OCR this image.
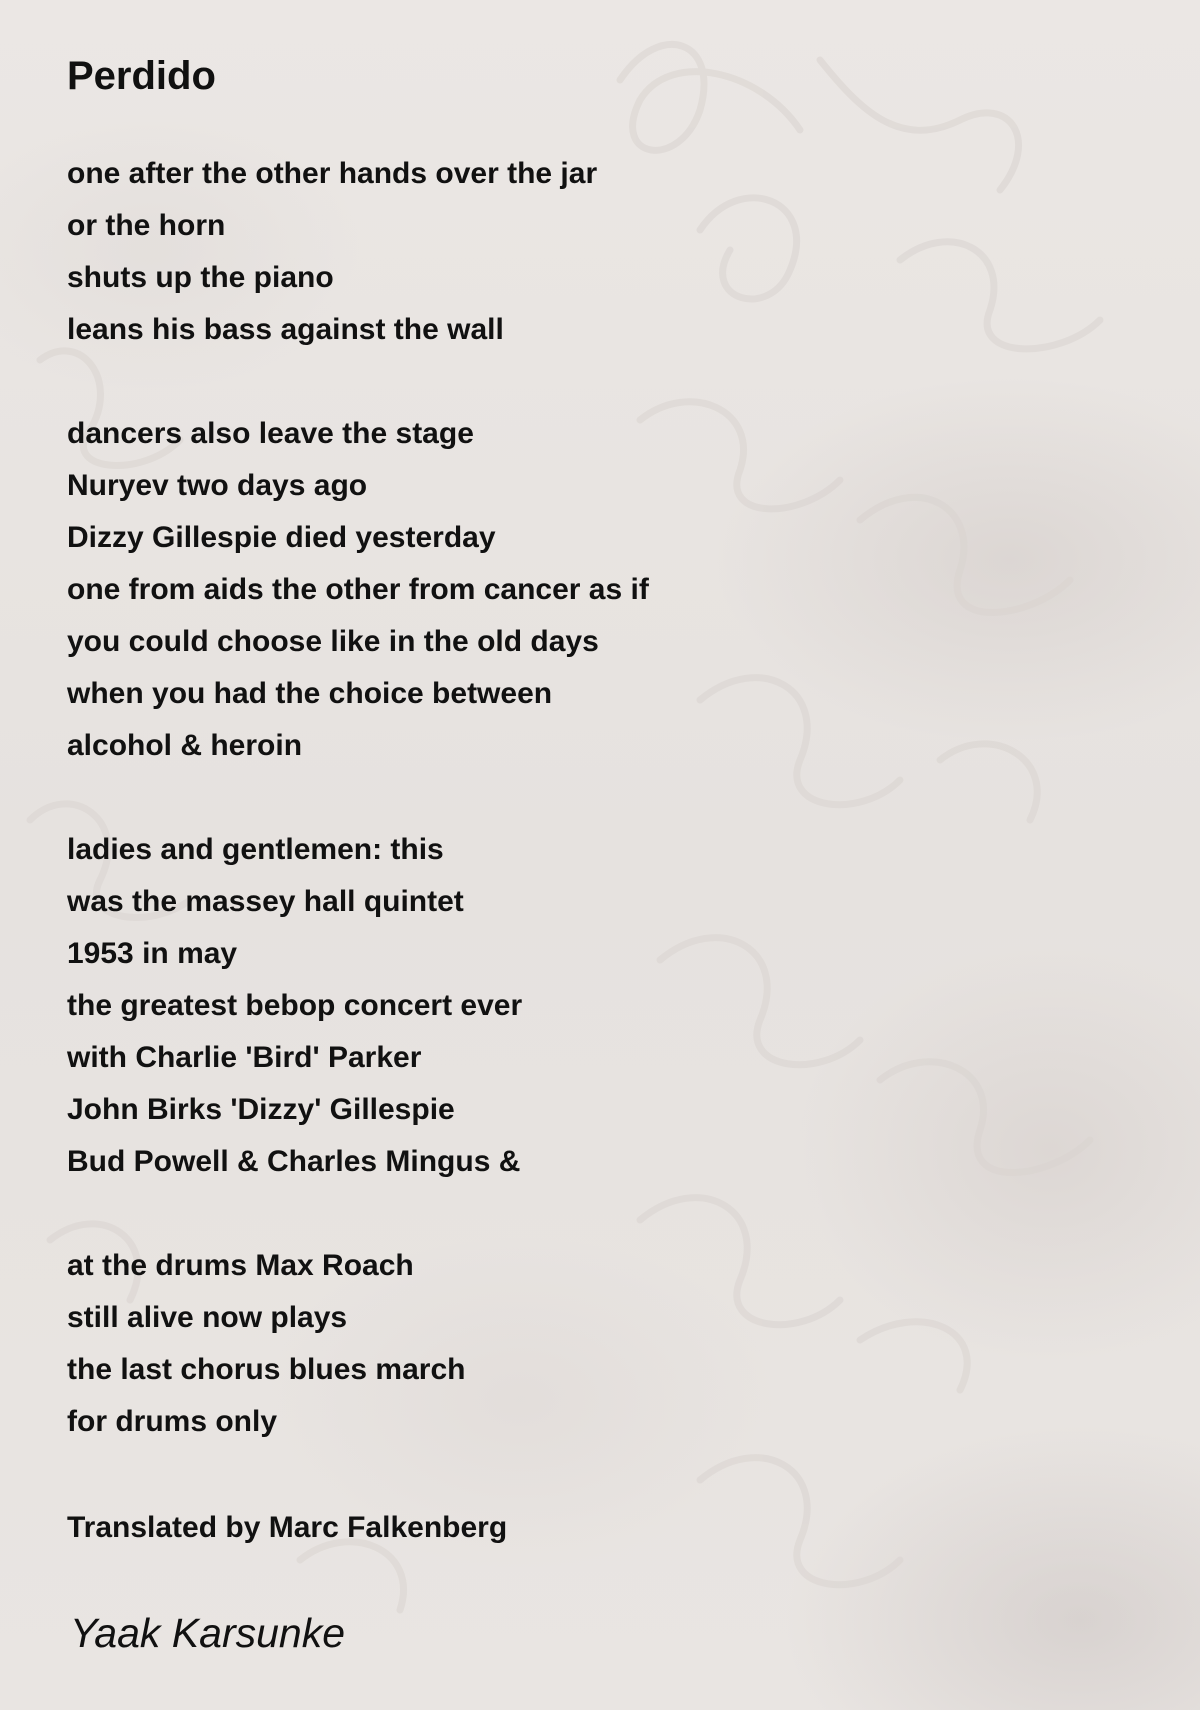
Perdido
one after the other hands over the jar
or the horn
shuts up the piano
leans his bass against the wall
dancers also leave the stage
Nuryev two days ago
Dizzy Gillespie died yesterday
one from aids the other from cancer as if
you could choose like in the old days
when you had the choice between
alcohol & heroin
ladies and gentlemen: this
was the massey hall quintet
1953 in may
the greatest bebop concert ever
with Charlie 'Bird' Parker
John Birks 'Dizzy' Gillespie
Bud Powell & Charles Mingus &
at the drums Max Roach
still alive now plays
the last chorus blues march
for drums only

Translated by Marc Falkenberg

Yaak Karsunke
